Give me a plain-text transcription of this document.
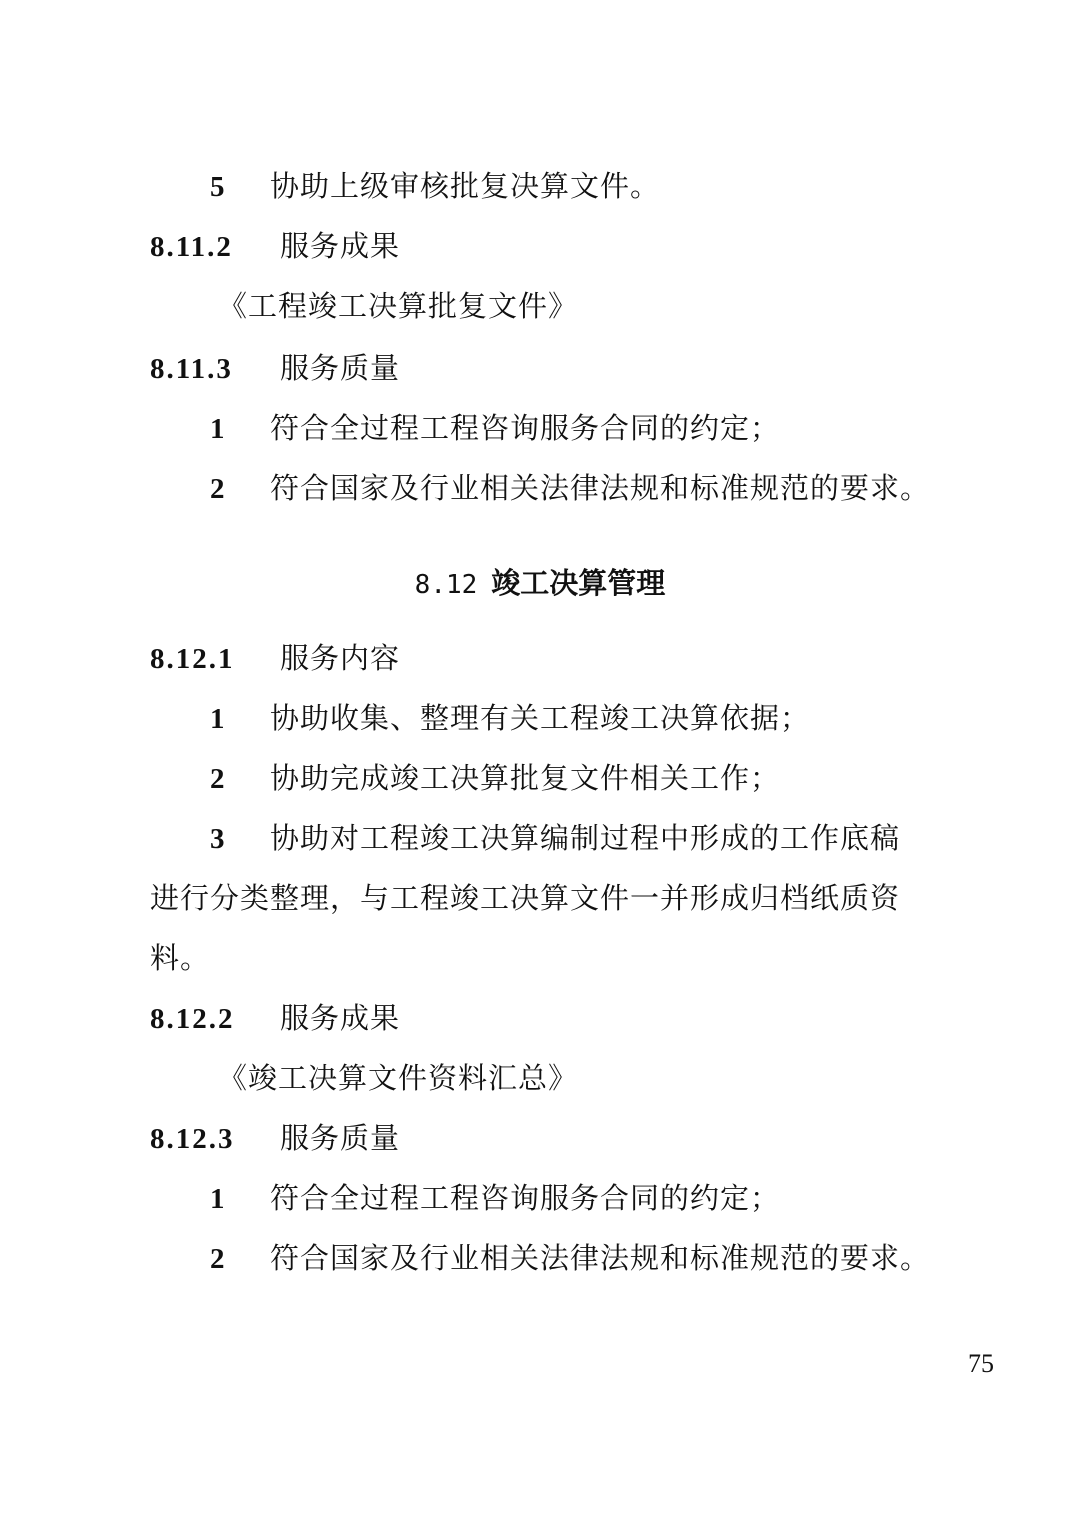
5 协助上级审核批复决算文件。
8.11.2 服务成果
《工程竣工决算批复文件》
8.11.3 服务质量
1 符合全过程工程咨询服务合同的约定；
2 符合国家及行业相关法律法规和标准规范的要求。
8.12 竣工决算管理
8.12.1 服务内容
1 协助收集、整理有关工程竣工决算依据；
2 协助完成竣工决算批复文件相关工作；
3 协助对工程竣工决算编制过程中形成的工作底稿
进行分类整理，与工程竣工决算文件一并形成归档纸质资
料。
8.12.2 服务成果
《竣工决算文件资料汇总》
8.12.3 服务质量
1 符合全过程工程咨询服务合同的约定；
2 符合国家及行业相关法律法规和标准规范的要求。
75
